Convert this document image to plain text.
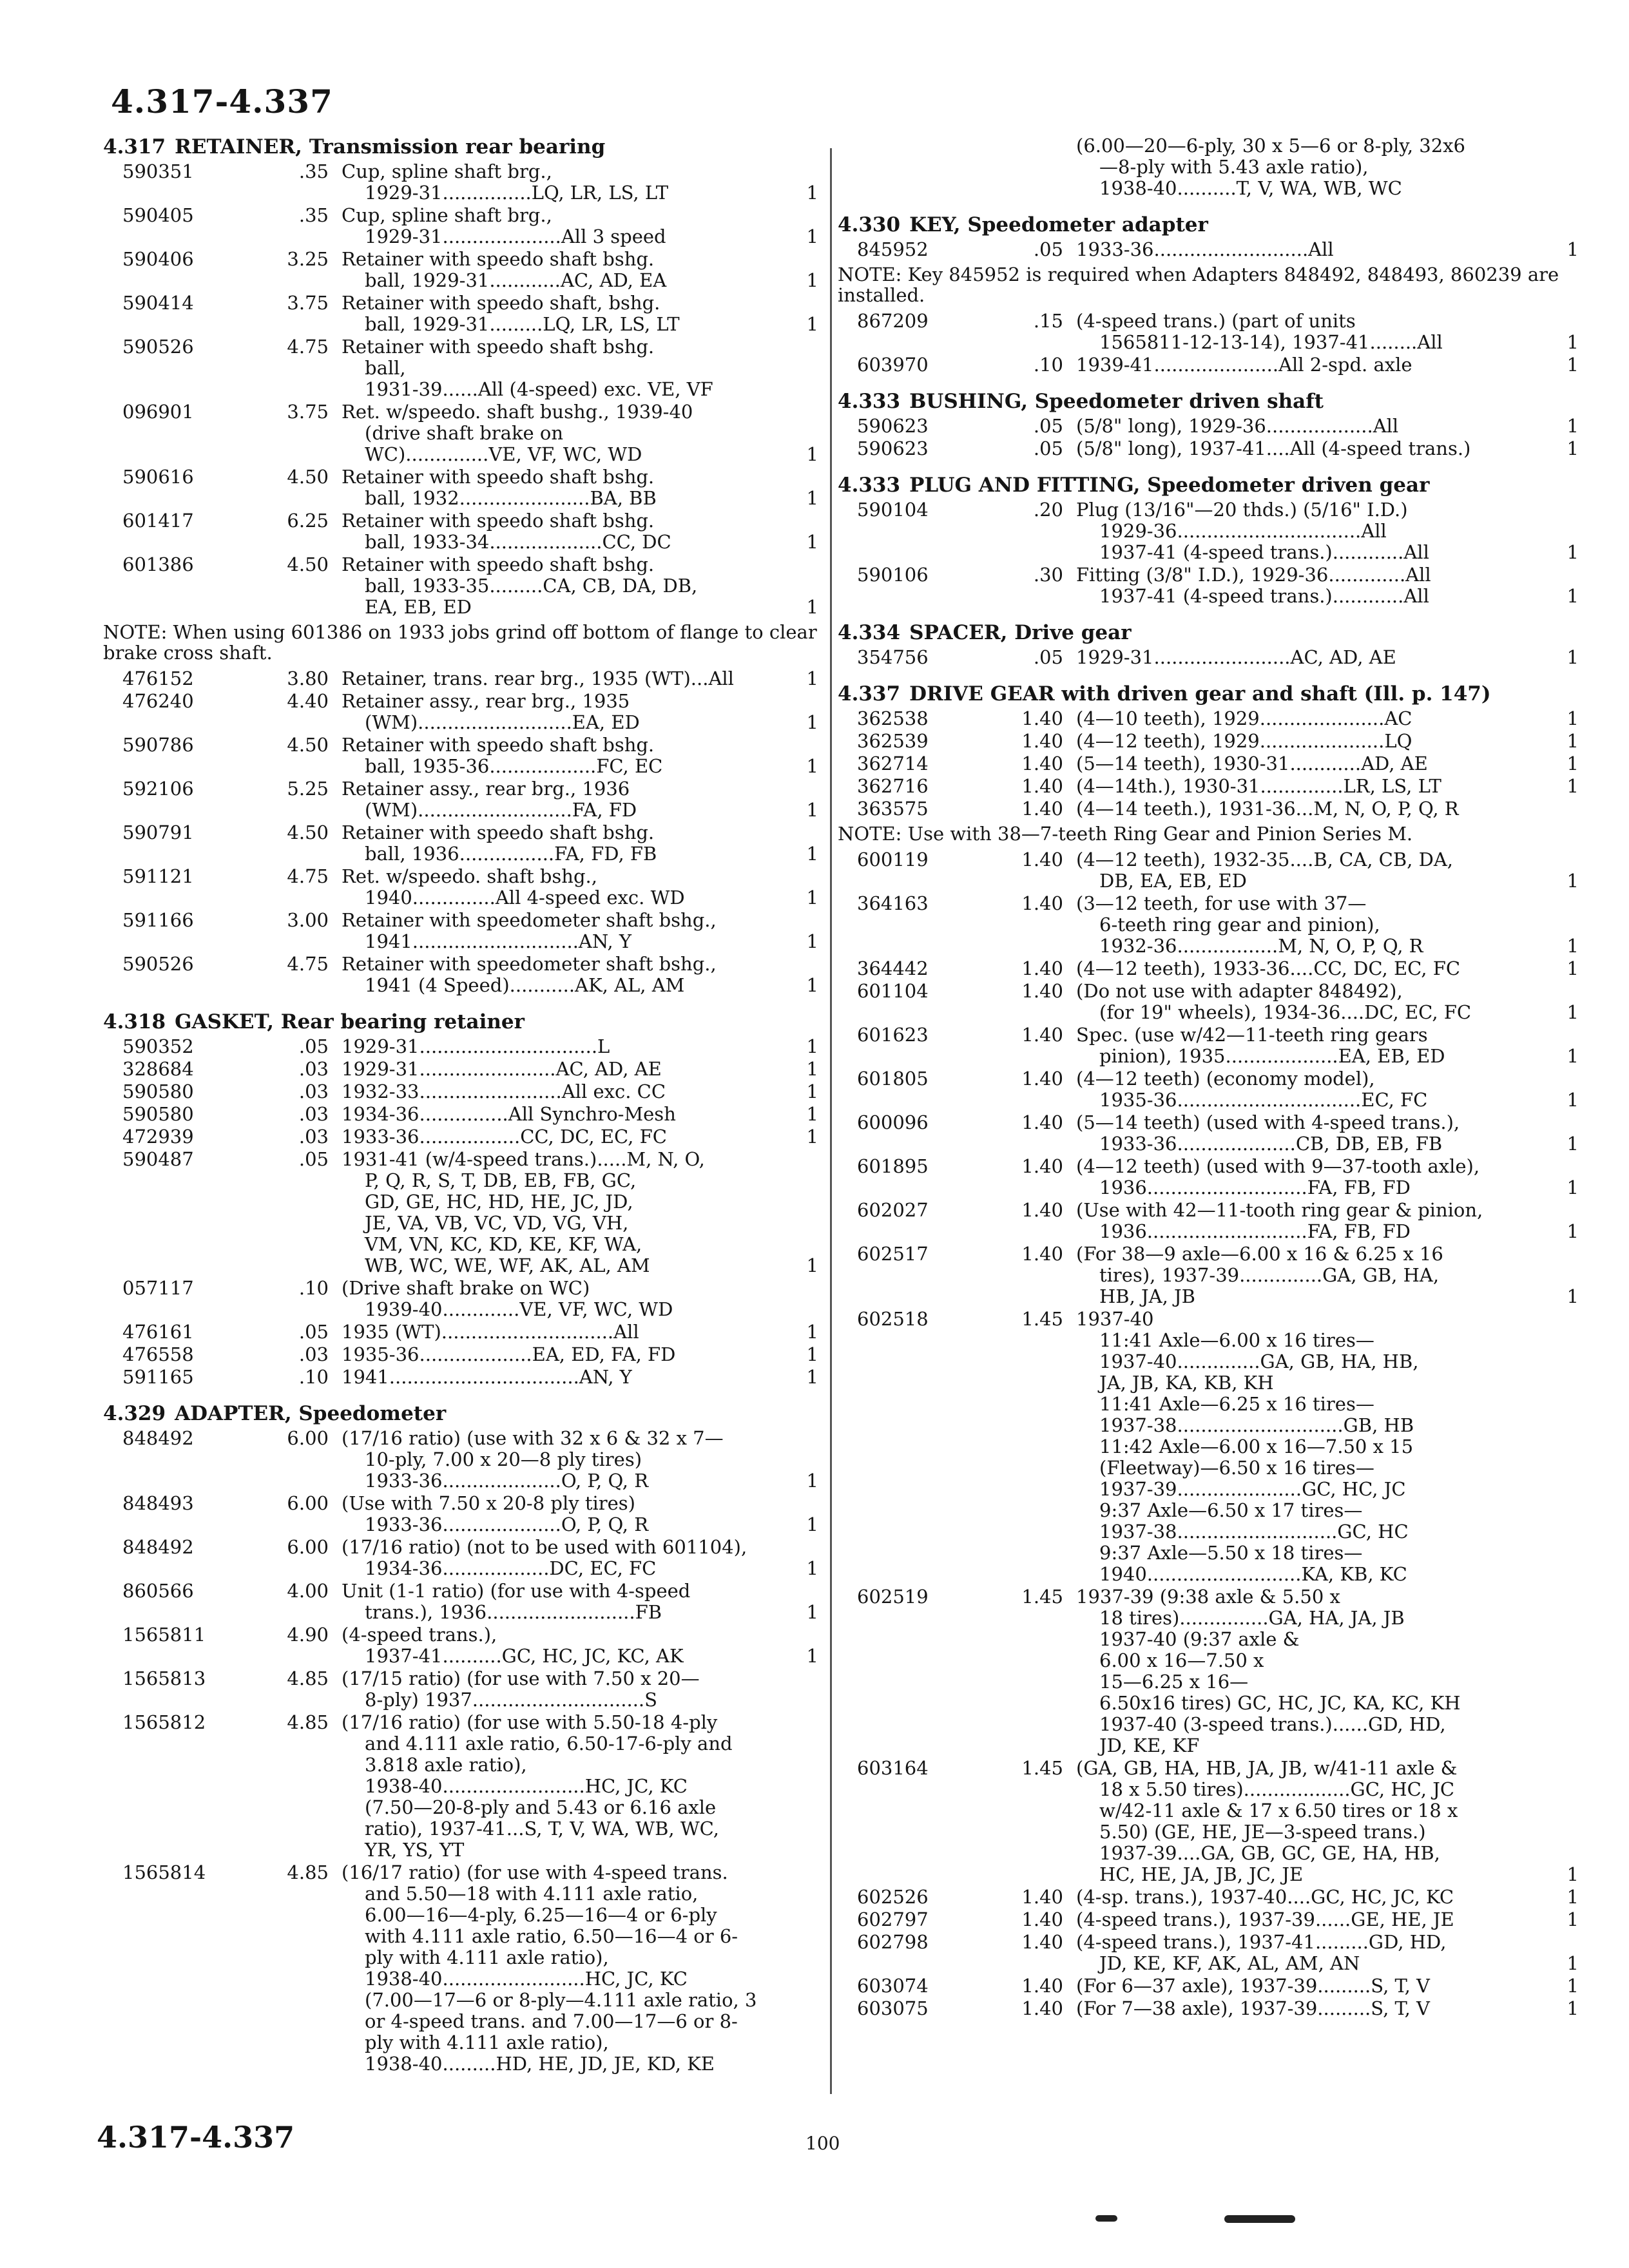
4.317-4.337
4.317 RETAINER, Transmission rear bearing
590351	.35 Cup, spline shaft brg.,
1929-31...............LQ, LR, LS, LT	1
590405	.35 Cup, spline shaft brg.,
1929-31....................All 3 speed	1
590406	3.25 Retainer with speedo shaft bshg.
ball, 1929-31............AC, AD, EA	1
590414	3.75 Retainer with speedo shaft, bshg.
ball, 1929-31.........LQ, LR, LS, LT	1
590526	4.75 Retainer with speedo shaft bshg.
ball,
1931-39......All (4-speed) exc. VE, VF
096901	3.75 Ret. w/speedo. shaft bushg., 1939-40
(drive shaft brake on
WC)..............VE, VF, WC, WD	1
590616	4.50 Retainer with speedo shaft bshg.
ball, 1932......................BA, BB	1
601417	6.25 Retainer with speedo shaft bshg.
ball, 1933-34...................CC, DC	1
601386	4.50 Retainer with speedo shaft bshg.
ball, 1933-35.........CA, CB, DA, DB,
EA, EB, ED	1
NOTE: When using 601386 on 1933 jobs grind off bottom of flange to clear brake cross shaft.
476152	3.80 Retainer, trans. rear brg., 1935 (WT)...All	1
476240	4.40 Retainer assy., rear brg., 1935
(WM)..........................EA, ED	1
590786	4.50 Retainer with speedo shaft bshg.
ball, 1935-36..................FC, EC	1
592106	5.25 Retainer assy., rear brg., 1936
(WM)..........................FA, FD	1
590791	4.50 Retainer with speedo shaft bshg.
ball, 1936................FA, FD, FB	1
591121	4.75 Ret. w/speedo. shaft bshg.,
1940..............All 4-speed exc. WD	1
591166	3.00 Retainer with speedometer shaft bshg.,
1941............................AN, Y	1
590526	4.75 Retainer with speedometer shaft bshg.,
1941 (4 Speed)...........AK, AL, AM	1
4.318 GASKET, Rear bearing retainer
590352	.05 1929-31..............................L	1
328684	.03 1929-31.......................AC, AD, AE	1
590580	.03 1932-33........................All exc. CC	1
590580	.03 1934-36...............All Synchro-Mesh	1
472939	.03 1933-36.................CC, DC, EC, FC	1
590487	.05 1931-41 (w/4-speed trans.).....M, N, O,
P, Q, R, S, T, DB, EB, FB, GC,
GD, GE, HC, HD, HE, JC, JD,
JE, VA, VB, VC, VD, VG, VH,
VM, VN, KC, KD, KE, KF, WA,
WB, WC, WE, WF, AK, AL, AM	1
057117	.10 (Drive shaft brake on WC)
1939-40.............VE, VF, WC, WD
476161	.05 1935 (WT).............................All	1
476558	.03 1935-36...................EA, ED, FA, FD	1
591165	.10 1941................................AN, Y	1
4.329 ADAPTER, Speedometer
848492	6.00 (17/16 ratio) (use with 32 x 6 & 32 x 7—
10-ply, 7.00 x 20—8 ply tires)
1933-36....................O, P, Q, R	1
848493	6.00 (Use with 7.50 x 20-8 ply tires)
1933-36....................O, P, Q, R	1
848492	6.00 (17/16 ratio) (not to be used with 601104),
1934-36..................DC, EC, FC	1
860566	4.00 Unit (1-1 ratio) (for use with 4-speed
trans.), 1936.........................FB	1
1565811	4.90 (4-speed trans.),
1937-41..........GC, HC, JC, KC, AK	1
1565813	4.85 (17/15 ratio) (for use with 7.50 x 20—
8-ply) 1937.............................S
1565812	4.85 (17/16 ratio) (for use with 5.50-18 4-ply
and 4.111 axle ratio, 6.50-17-6-ply and
3.818 axle ratio),
1938-40........................HC, JC, KC
(7.50—20-8-ply and 5.43 or 6.16 axle
ratio), 1937-41...S, T, V, WA, WB, WC,
YR, YS, YT
1565814	4.85 (16/17 ratio) (for use with 4-speed trans.
and 5.50—18 with 4.111 axle ratio,
6.00—16—4-ply, 6.25—16—4 or 6-ply
with 4.111 axle ratio, 6.50—16—4 or 6-
ply with 4.111 axle ratio),
1938-40........................HC, JC, KC
(7.00—17—6 or 8-ply—4.111 axle ratio, 3
or 4-speed trans. and 7.00—17—6 or 8-
ply with 4.111 axle ratio),
1938-40.........HD, HE, JD, JE, KD, KE
(6.00—20—6-ply, 30 x 5—6 or 8-ply, 32x6
—8-ply with 5.43 axle ratio),
1938-40..........T, V, WA, WB, WC
4.330 KEY, Speedometer adapter
845952	.05 1933-36..........................All	1
NOTE: Key 845952 is required when Adapters 848492, 848493, 860239 are installed.
867209	.15 (4-speed trans.) (part of units
1565811-12-13-14), 1937-41........All	1
603970	.10 1939-41.....................All 2-spd. axle	1
4.333 BUSHING, Speedometer driven shaft
590623	.05 (5/8" long), 1929-36..................All	1
590623	.05 (5/8" long), 1937-41....All (4-speed trans.)	1
4.333 PLUG AND FITTING, Speedometer driven gear
590104	.20 Plug (13/16"—20 thds.) (5/16" I.D.)
1929-36...............................All
1937-41 (4-speed trans.)............All	1
590106	.30 Fitting (3/8" I.D.), 1929-36.............All
1937-41 (4-speed trans.)............All	1
4.334 SPACER, Drive gear
354756	.05 1929-31.......................AC, AD, AE	1
4.337 DRIVE GEAR with driven gear and shaft (Ill. p. 147)
362538	1.40 (4—10 teeth), 1929.....................AC	1
362539	1.40 (4—12 teeth), 1929.....................LQ	1
362714	1.40 (5—14 teeth), 1930-31............AD, AE	1
362716	1.40 (4—14th.), 1930-31..............LR, LS, LT	1
363575	1.40 (4—14 teeth.), 1931-36...M, N, O, P, Q, R
NOTE: Use with 38—7-teeth Ring Gear and Pinion Series M.
600119	1.40 (4—12 teeth), 1932-35....B, CA, CB, DA,
DB, EA, EB, ED	1
364163	1.40 (3—12 teeth, for use with 37—
6-teeth ring gear and pinion),
1932-36.................M, N, O, P, Q, R	1
364442	1.40 (4—12 teeth), 1933-36....CC, DC, EC, FC	1
601104	1.40 (Do not use with adapter 848492),
(for 19" wheels), 1934-36....DC, EC, FC	1
601623	1.40 Spec. (use w/42—11-teeth ring gears
pinion), 1935...................EA, EB, ED	1
601805	1.40 (4—12 teeth) (economy model),
1935-36...............................EC, FC	1
600096	1.40 (5—14 teeth) (used with 4-speed trans.),
1933-36....................CB, DB, EB, FB	1
601895	1.40 (4—12 teeth) (used with 9—37-tooth axle),
1936...........................FA, FB, FD	1
602027	1.40 (Use with 42—11-tooth ring gear & pinion,
1936...........................FA, FB, FD	1
602517	1.40 (For 38—9 axle—6.00 x 16 & 6.25 x 16
tires), 1937-39..............GA, GB, HA,
HB, JA, JB	1
602518	1.45 1937-40
11:41 Axle—6.00 x 16 tires—
1937-40..............GA, GB, HA, HB,
JA, JB, KA, KB, KH
11:41 Axle—6.25 x 16 tires—
1937-38............................GB, HB
11:42 Axle—6.00 x 16—7.50 x 15
(Fleetway)—6.50 x 16 tires—
1937-39.....................GC, HC, JC
9:37 Axle—6.50 x 17 tires—
1937-38...........................GC, HC
9:37 Axle—5.50 x 18 tires—
1940..........................KA, KB, KC
602519	1.45 1937-39 (9:38 axle & 5.50 x
18 tires)...............GA, HA, JA, JB
1937-40 (9:37 axle &
6.00 x 16—7.50 x
15—6.25 x 16—
6.50x16 tires) GC, HC, JC, KA, KC, KH
1937-40 (3-speed trans.)......GD, HD,
JD, KE, KF
603164	1.45 (GA, GB, HA, HB, JA, JB, w/41-11 axle &
18 x 5.50 tires)..................GC, HC, JC
w/42-11 axle & 17 x 6.50 tires or 18 x
5.50) (GE, HE, JE—3-speed trans.)
1937-39....GA, GB, GC, GE, HA, HB,
HC, HE, JA, JB, JC, JE	1
602526	1.40 (4-sp. trans.), 1937-40....GC, HC, JC, KC	1
602797	1.40 (4-speed trans.), 1937-39......GE, HE, JE	1
602798	1.40 (4-speed trans.), 1937-41.........GD, HD,
JD, KE, KF, AK, AL, AM, AN	1
603074	1.40 (For 6—37 axle), 1937-39.........S, T, V	1
603075	1.40 (For 7—38 axle), 1937-39.........S, T, V	1
4.317-4.337	100
